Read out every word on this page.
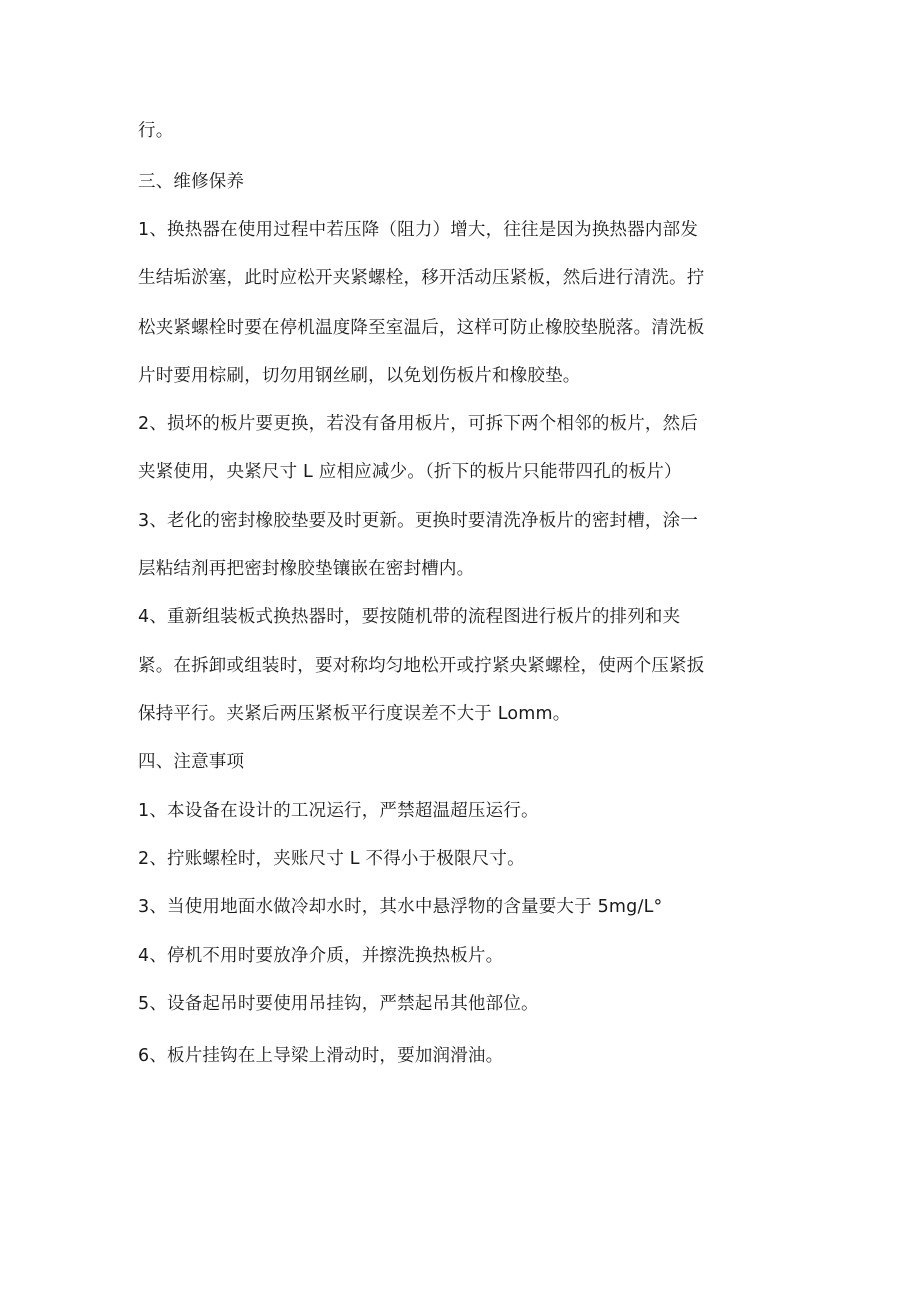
行。
三、维修保养
1、换热器在使用过程中若压降（阻力）增大，往往是因为换热器内部发
生结垢淤塞，此时应松开夹紧螺栓，移开活动压紧板，然后进行清洗。拧
松夹紧螺栓时要在停机温度降至室温后，这样可防止橡胶垫脱落。清洗板
片时要用棕刷，切勿用钢丝刷，以免划伤板片和橡胶垫。
2、损坏的板片要更换，若没有备用板片，可拆下两个相邻的板片，然后
夹紧使用，央紧尺寸 L 应相应减少。（折下的板片只能带四孔的板片）
3、老化的密封橡胶垫要及时更新。更换时要清洗净板片的密封槽，涂一
层粘结剂再把密封橡胶垫镶嵌在密封槽内。
4、重新组装板式换热器时，要按随机带的流程图进行板片的排列和夹
紧。在拆卸或组装时，要对称均匀地松开或拧紧央紧螺栓，使两个压紧扳
保持平行。夹紧后两压紧板平行度误差不大于 Lomm。
四、注意事项
1、本设备在设计的工况运行，严禁超温超压运行。
2、拧账螺栓时，夹账尺寸 L 不得小于极限尺寸。
3、当使用地面水做冷却水时，其水中悬浮物的含量要大于 5mg∕L°
4、停机不用时要放净介质，并擦洗换热板片。
5、设备起吊时要使用吊挂钩，严禁起吊其他部位。
6、板片挂钩在上导梁上滑动时，要加润滑油。
